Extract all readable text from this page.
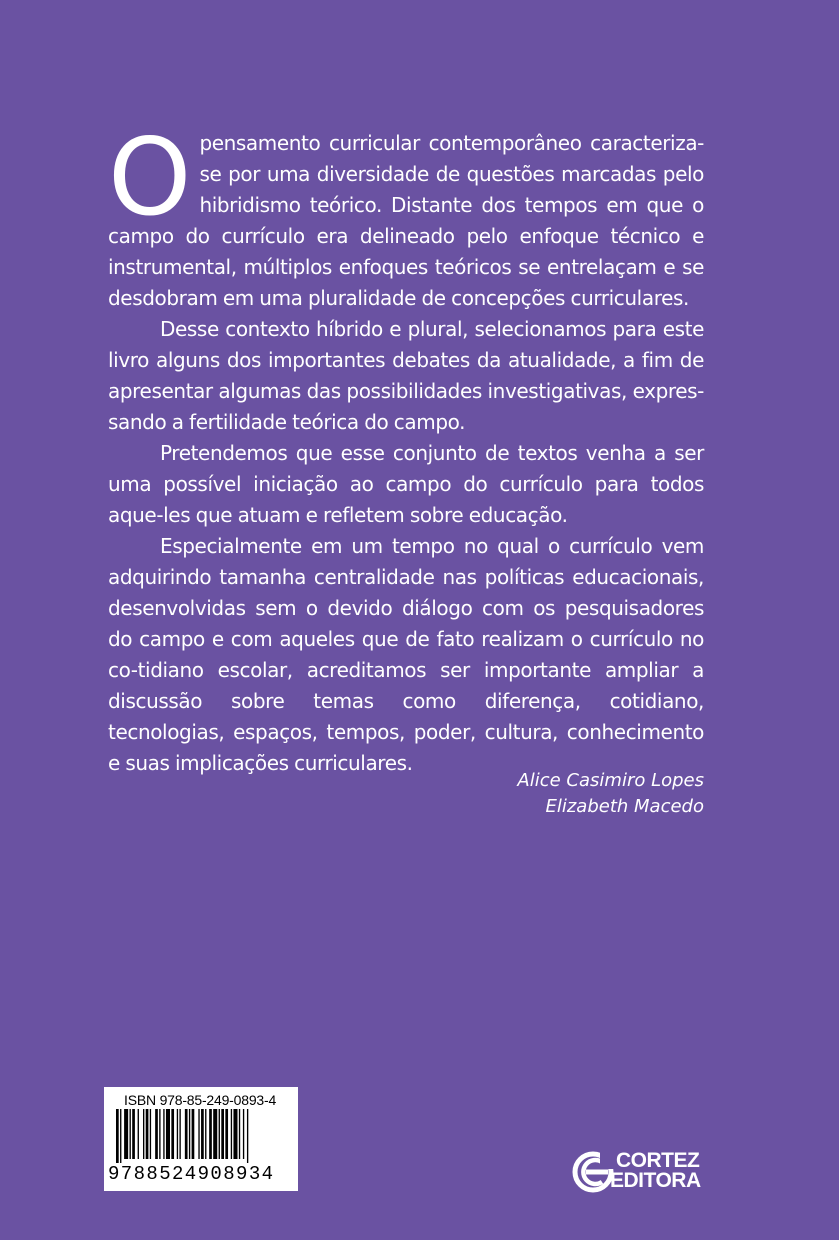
Opensamento curricular contemporâneo caracteriza-se por uma diversidade de questões marcadas pelo hibridismo teórico. Distante dos tempos em que o campo do currículo era delineado pelo enfoque técnico e instrumental, múltiplos enfoques teóricos se entrelaçam e se desdobram em uma pluralidade de concepções curriculares.

Desse contexto híbrido e plural, selecionamos para este livro alguns dos importantes debates da atualidade, a fim de apresentar algumas das possibilidades investigativas, expres-sando a fertilidade teórica do campo.

Pretendemos que esse conjunto de textos venha a ser uma possível iniciação ao campo do currículo para todos aque-les que atuam e refletem sobre educação.

Especialmente em um tempo no qual o currículo vem adquirindo tamanha centralidade nas políticas educacionais, desenvolvidas sem o devido diálogo com os pesquisadores do campo e com aqueles que de fato realizam o currículo no co-tidiano escolar, acreditamos ser importante ampliar a discussão sobre temas como diferença, cotidiano, tecnologias, espaços, tempos, poder, cultura, conhecimento e suas implicações curriculares.

Alice Casimiro Lopes
Elizabeth Macedo
ISBN 978-85-249-0893-4
9788524908934
CORTEZ
EDITORA
